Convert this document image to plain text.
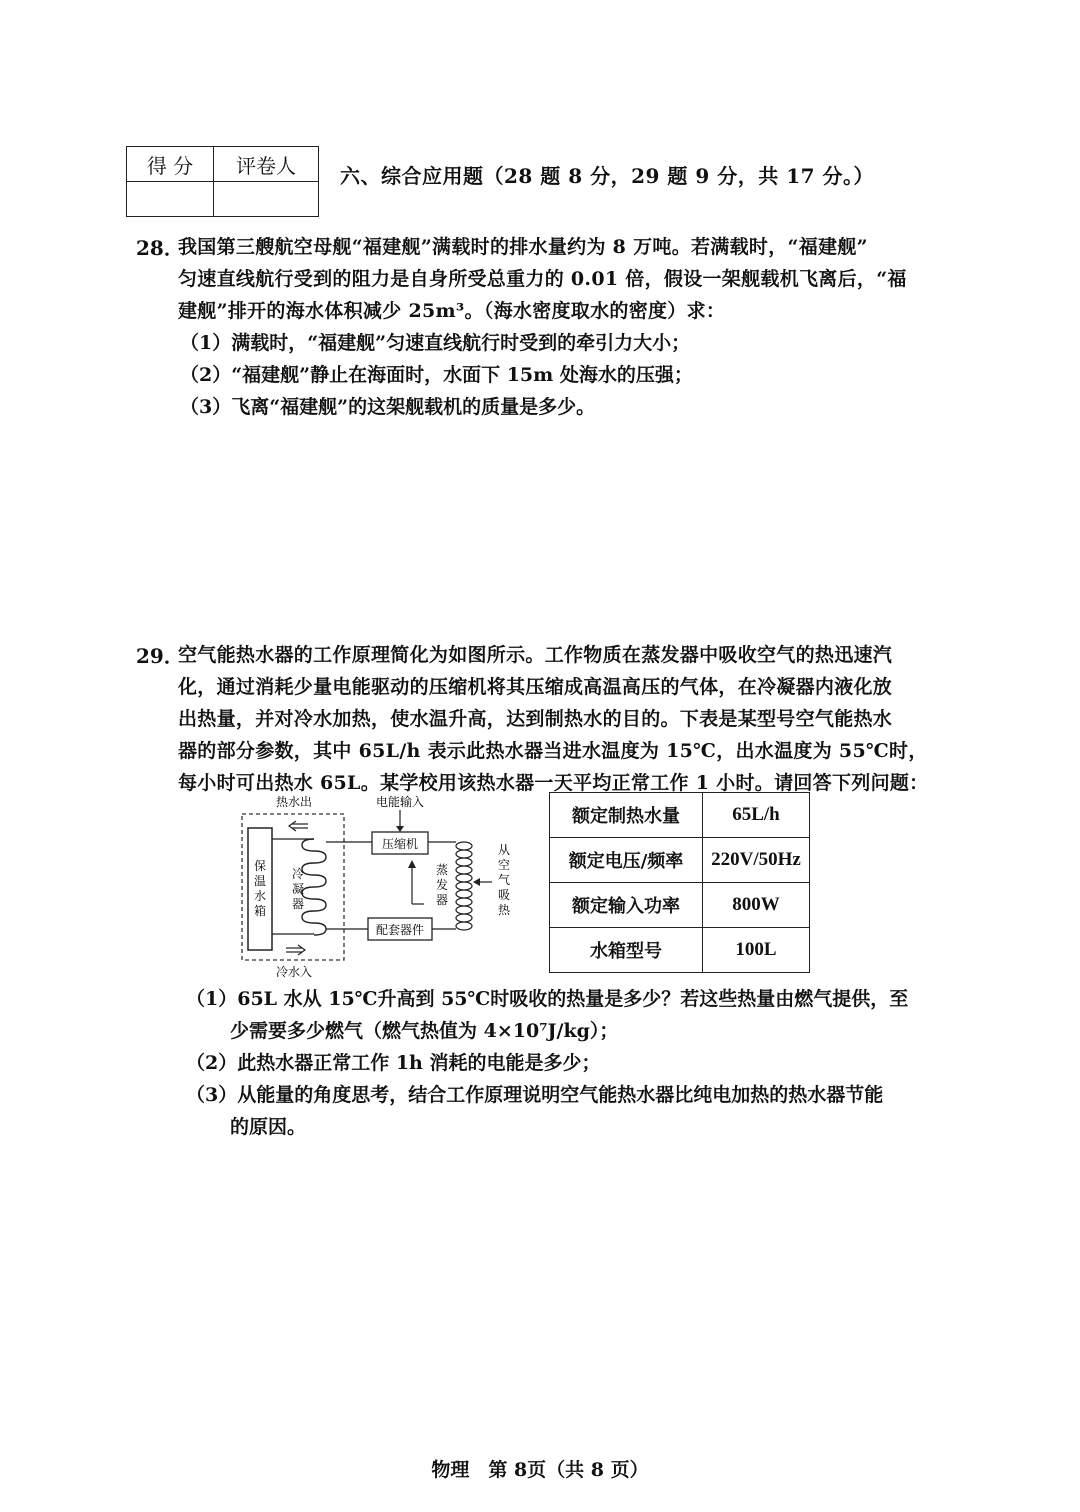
得 分	评卷人
	六、综合应用题（28 题 8 分，29 题 9 分，共 17 分。）
28．
我国第三艘航空母舰“福建舰”满载时的排水量约为 8 万吨。若满载时，“福建舰”
匀速直线航行受到的阻力是自身所受总重力的 0.01 倍，假设一架舰载机飞离后，“福
建舰”排开的海水体积减少 25m³。（海水密度取水的密度）求：
（1）满载时，“福建舰”匀速直线航行时受到的牵引力大小；
（2）“福建舰”静止在海面时，水面下 15m 处海水的压强；
（3）飞离“福建舰”的这架舰载机的质量是多少。
29．
空气能热水器的工作原理简化为如图所示。工作物质在蒸发器中吸收空气的热迅速汽
化，通过消耗少量电能驱动的压缩机将其压缩成高温高压的气体，在冷凝器内液化放
出热量，并对冷水加热，使水温升高，达到制热水的目的。下表是某型号空气能热水
器的部分参数，其中 65L/h 表示此热水器当进水温度为 15℃，出水温度为 55℃时，
每小时可出热水 65L。某学校用该热水器一天平均正常工作 1 小时。请回答下列问题：
保温水箱
冷凝器
压缩机
配套器件
蒸发器
从空气吸热
电能输入
热水出
冷水入
额定制热水量	65L/h
额定电压/频率	220V/50Hz
额定输入功率	800W
水箱型号	100L
（1）65L 水从 15℃升高到 55℃时吸收的热量是多少？若这些热量由燃气提供，至
少需要多少燃气（燃气热值为 4×10⁷J/kg）；
（2）此热水器正常工作 1h 消耗的电能是多少；
（3）从能量的角度思考，结合工作原理说明空气能热水器比纯电加热的热水器节能
的原因。
物理　第 8页（共 8 页）
